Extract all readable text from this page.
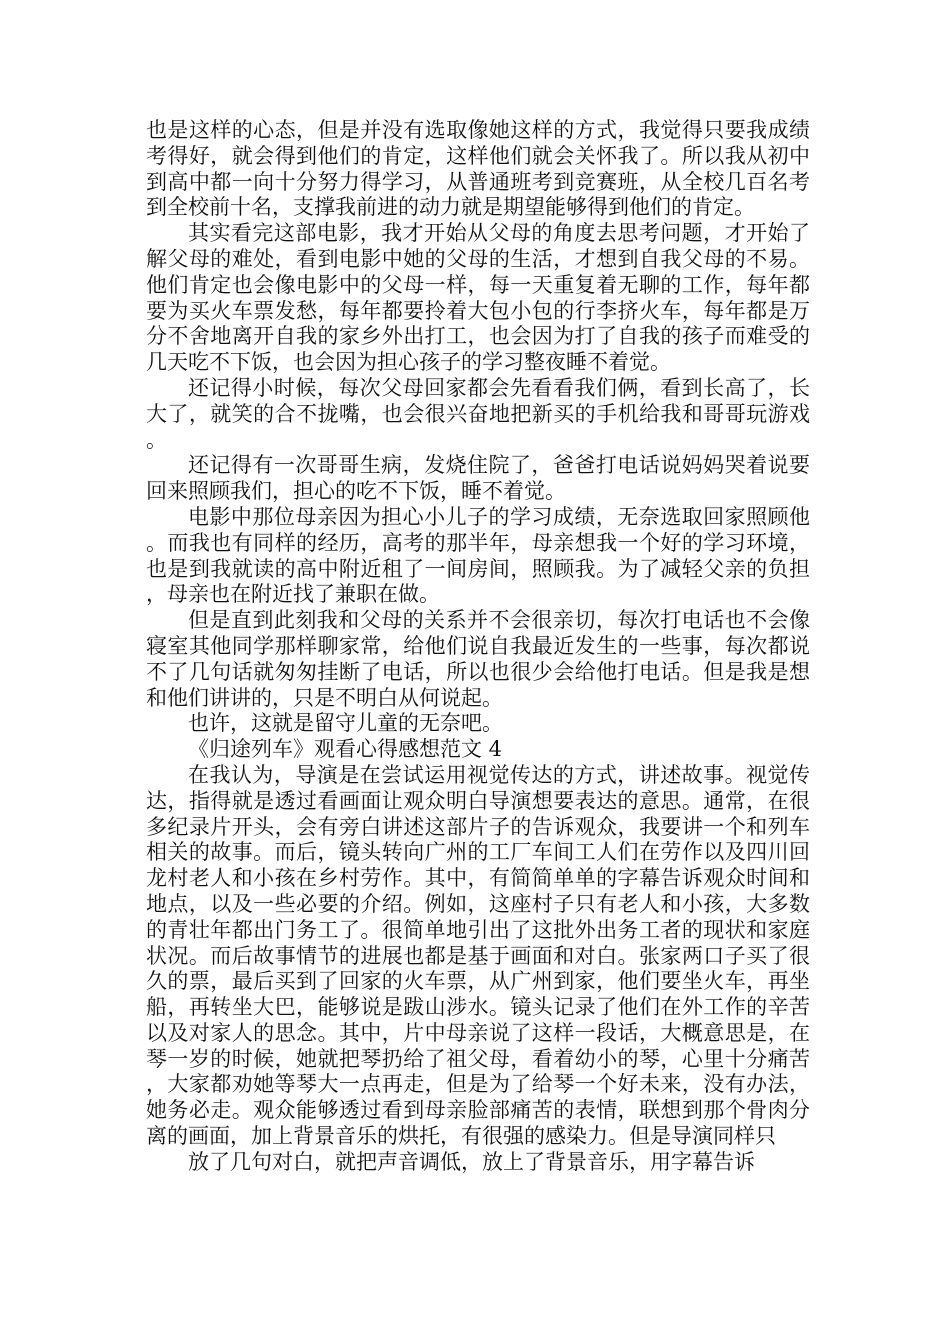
也是这样的心态，但是并没有选取像她这样的方式，我觉得只要我成绩考得好，就会得到他们的肯定，这样他们就会关怀我了。所以我从初中到高中都一向十分努力得学习，从普通班考到竞赛班，从全校几百名考到全校前十名，支撑我前进的动力就是期望能够得到他们的肯定。

其实看完这部电影，我才开始从父母的角度去思考问题，才开始了解父母的难处，看到电影中她的父母的生活，才想到自我父母的不易。他们肯定也会像电影中的父母一样，每一天重复着无聊的工作，每年都要为买火车票发愁，每年都要拎着大包小包的行李挤火车，每年都是万分不舍地离开自我的家乡外出打工，也会因为打了自我的孩子而难受的几天吃不下饭，也会因为担心孩子的学习整夜睡不着觉。

还记得小时候，每次父母回家都会先看看我们俩，看到长高了，长大了，就笑的合不拢嘴，也会很兴奋地把新买的手机给我和哥哥玩游戏。

还记得有一次哥哥生病，发烧住院了，爸爸打电话说妈妈哭着说要回来照顾我们，担心的吃不下饭，睡不着觉。

电影中那位母亲因为担心小儿子的学习成绩，无奈选取回家照顾他。而我也有同样的经历，高考的那半年，母亲想我一个好的学习环境，也是到我就读的高中附近租了一间房间，照顾我。为了减轻父亲的负担，母亲也在附近找了兼职在做。

但是直到此刻我和父母的关系并不会很亲切，每次打电话也不会像寝室其他同学那样聊家常，给他们说自我最近发生的一些事，每次都说不了几句话就匆匆挂断了电话，所以也很少会给他打电话。但是我是想和他们讲讲的，只是不明白从何说起。

也许，这就是留守儿童的无奈吧。

《归途列车》观看心得感想范文 4

在我认为，导演是在尝试运用视觉传达的方式，讲述故事。视觉传达，指得就是透过看画面让观众明白导演想要表达的意思。通常，在很多纪录片开头，会有旁白讲述这部片子的告诉观众，我要讲一个和列车相关的故事。而后，镜头转向广州的工厂车间工人们在劳作以及四川回龙村老人和小孩在乡村劳作。其中，有简简单单的字幕告诉观众时间和地点，以及一些必要的介绍。例如，这座村子只有老人和小孩，大多数的青壮年都出门务工了。很简单地引出了这批外出务工者的现状和家庭状况。而后故事情节的进展也都是基于画面和对白。张家两口子买了很久的票，最后买到了回家的火车票，从广州到家，他们要坐火车，再坐船，再转坐大巴，能够说是跋山涉水。镜头记录了他们在外工作的辛苦以及对家人的思念。其中，片中母亲说了这样一段话，大概意思是，在琴一岁的时候，她就把琴扔给了祖父母，看着幼小的琴，心里十分痛苦，大家都劝她等琴大一点再走，但是为了给琴一个好未来，没有办法，她务必走。观众能够透过看到母亲脸部痛苦的表情，联想到那个骨肉分离的画面，加上背景音乐的烘托，有很强的感染力。但是导演同样只

放了几句对白，就把声音调低，放上了背景音乐，用字幕告诉
